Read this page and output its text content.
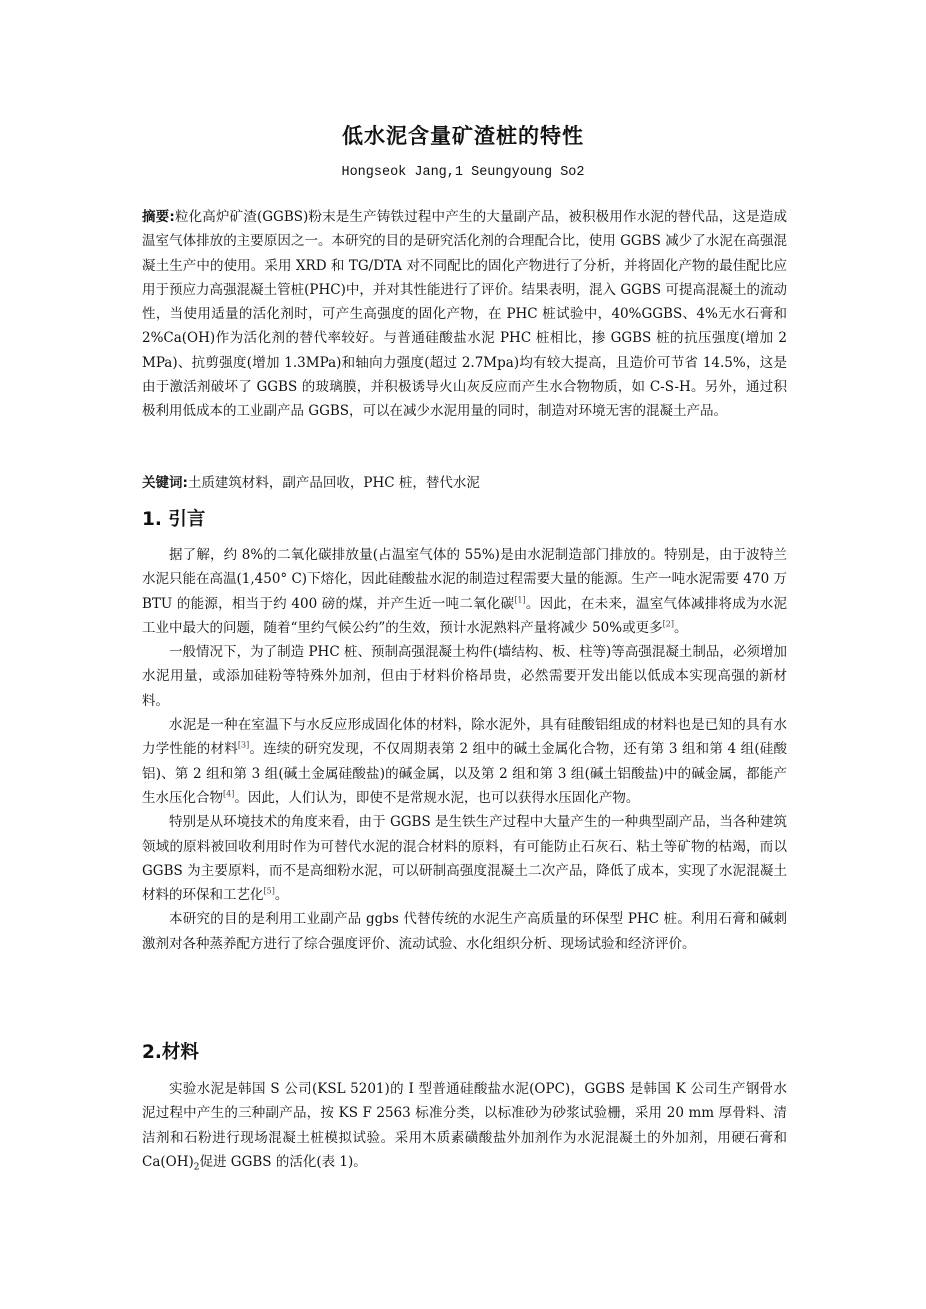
低水泥含量矿渣桩的特性
Hongseok Jang,1 Seungyoung So2
摘要:粒化高炉矿渣(GGBS)粉末是生产铸铁过程中产生的大量副产品，被积极用作水泥的替代品，这是造成温室气体排放的主要原因之一。本研究的目的是研究活化剂的合理配合比，使用 GGBS 减少了水泥在高强混凝土生产中的使用。采用 XRD 和 TG/DTA 对不同配比的固化产物进行了分析，并将固化产物的最佳配比应用于预应力高强混凝土管桩(PHC)中，并对其性能进行了评价。结果表明，混入 GGBS 可提高混凝土的流动性，当使用适量的活化剂时，可产生高强度的固化产物，在 PHC 桩试验中，40%GGBS、4%无水石膏和 2%Ca(OH)作为活化剂的替代率较好。与普通硅酸盐水泥 PHC 桩相比，掺 GGBS 桩的抗压强度(增加 2 MPa)、抗剪强度(增加 1.3MPa)和轴向力强度(超过 2.7Mpa)均有较大提高，且造价可节省 14.5%，这是由于激活剂破坏了 GGBS 的玻璃膜，并积极诱导火山灰反应而产生水合物物质，如 C-S-H。另外，通过积极利用低成本的工业副产品 GGBS，可以在减少水泥用量的同时，制造对环境无害的混凝土产品。
关键词:土质建筑材料，副产品回收，PHC 桩，替代水泥
1. 引言

据了解，约 8%的二氧化碳排放量(占温室气体的 55%)是由水泥制造部门排放的。特别是，由于波特兰水泥只能在高温(1,450° C)下熔化，因此硅酸盐水泥的制造过程需要大量的能源。生产一吨水泥需要 470 万 BTU 的能源，相当于约 400 磅的煤，并产生近一吨二氧化碳[1]。因此，在未来，温室气体减排将成为水泥工业中最大的问题，随着“里约气候公约”的生效，预计水泥熟料产量将减少 50%或更多[2]。

一般情况下，为了制造 PHC 桩、预制高强混凝土构件(墙结构、板、柱等)等高强混凝土制品，必须增加水泥用量，或添加硅粉等特殊外加剂，但由于材料价格昂贵，必然需要开发出能以低成本实现高强的新材料。

水泥是一种在室温下与水反应形成固化体的材料，除水泥外，具有硅酸铝组成的材料也是已知的具有水力学性能的材料[3]。连续的研究发现，不仅周期表第 2 组中的碱土金属化合物，还有第 3 组和第 4 组(硅酸铝)、第 2 组和第 3 组(碱土金属硅酸盐)的碱金属，以及第 2 组和第 3 组(碱土铝酸盐)中的碱金属，都能产生水压化合物[4]。因此，人们认为，即使不是常规水泥，也可以获得水压固化产物。

特别是从环境技术的角度来看，由于 GGBS 是生铁生产过程中大量产生的一种典型副产品，当各种建筑领域的原料被回收利用时作为可替代水泥的混合材料的原料，有可能防止石灰石、粘土等矿物的枯竭，而以 GGBS 为主要原料，而不是高细粉水泥，可以研制高强度混凝土二次产品，降低了成本，实现了水泥混凝土材料的环保和工艺化[5]。

本研究的目的是利用工业副产品 ggbs 代替传统的水泥生产高质量的环保型 PHC 桩。利用石膏和碱刺激剂对各种蒸养配方进行了综合强度评价、流动试验、水化组织分析、现场试验和经济评价。

2.材料

实验水泥是韩国 S 公司(KSL 5201)的 I 型普通硅酸盐水泥(OPC)，GGBS 是韩国 K 公司生产钢骨水泥过程中产生的三种副产品，按 KS F 2563 标准分类，以标准砂为砂浆试验栅，采用 20 mm 厚骨料、清洁剂和石粉进行现场混凝土桩模拟试验。采用木质素磺酸盐外加剂作为水泥混凝土的外加剂，用硬石膏和 $Ca(OH)_2$促进 GGBS 的活化(表 1)。
